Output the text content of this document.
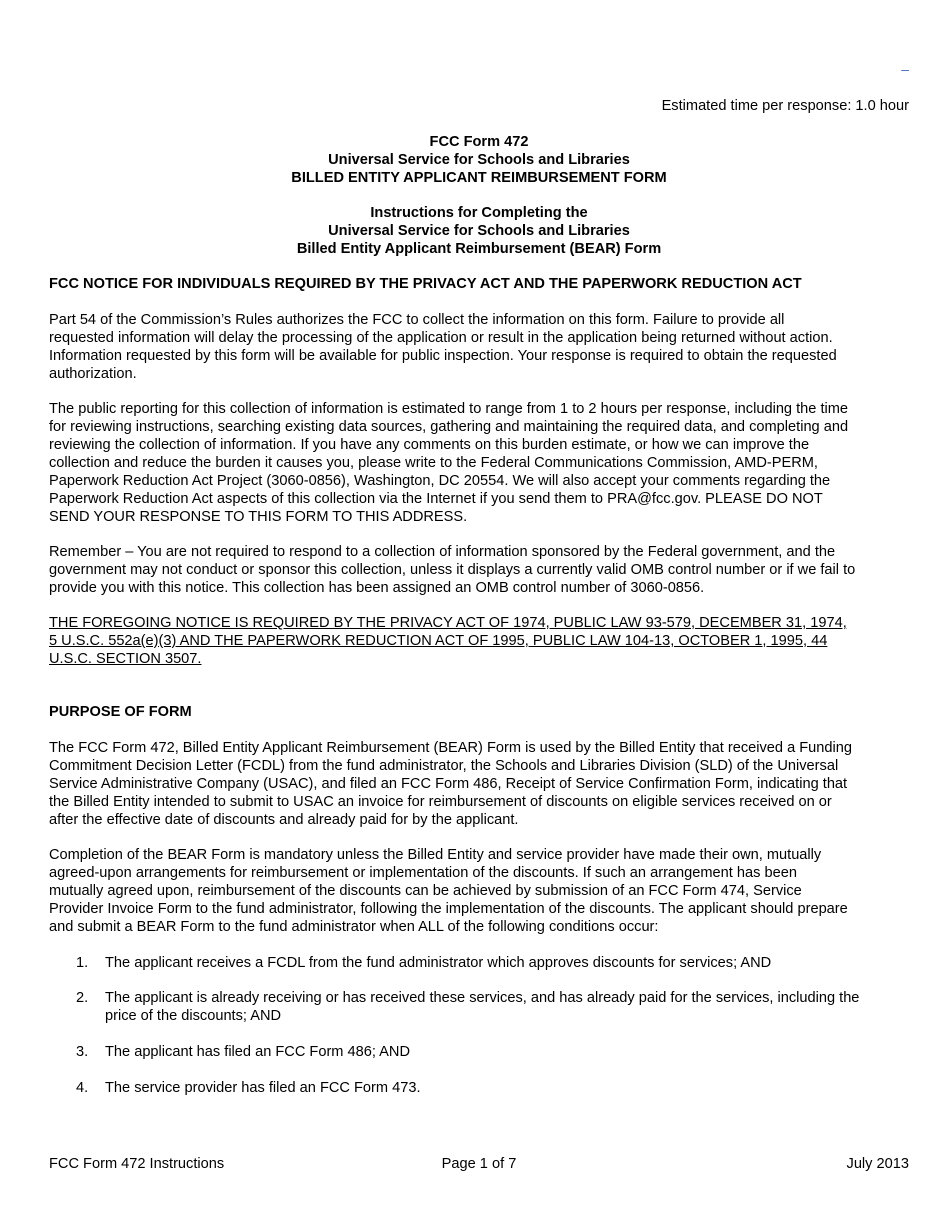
–
Estimated time per response: 1.0 hour
FCC Form 472
Universal Service for Schools and Libraries
BILLED ENTITY APPLICANT REIMBURSEMENT FORM
Instructions for Completing the
Universal Service for Schools and Libraries
Billed Entity Applicant Reimbursement (BEAR) Form
FCC NOTICE FOR INDIVIDUALS REQUIRED BY THE PRIVACY ACT AND THE PAPERWORK REDUCTION ACT
Part 54 of the Commission’s Rules authorizes the FCC to collect the information on this form. Failure to provide all
requested information will delay the processing of the application or result in the application being returned without action.
Information requested by this form will be available for public inspection. Your response is required to obtain the requested
authorization.
The public reporting for this collection of information is estimated to range from 1 to 2 hours per response, including the time
for reviewing instructions, searching existing data sources, gathering and maintaining the required data, and completing and
reviewing the collection of information. If you have any comments on this burden estimate, or how we can improve the
collection and reduce the burden it causes you, please write to the Federal Communications Commission, AMD-PERM,
Paperwork Reduction Act Project (3060-0856), Washington, DC 20554. We will also accept your comments regarding the
Paperwork Reduction Act aspects of this collection via the Internet if you send them to PRA@fcc.gov. PLEASE DO NOT
SEND YOUR RESPONSE TO THIS FORM TO THIS ADDRESS.
Remember – You are not required to respond to a collection of information sponsored by the Federal government, and the
government may not conduct or sponsor this collection, unless it displays a currently valid OMB control number or if we fail to
provide you with this notice. This collection has been assigned an OMB control number of 3060-0856.
THE FOREGOING NOTICE IS REQUIRED BY THE PRIVACY ACT OF 1974, PUBLIC LAW 93-579, DECEMBER 31, 1974,
5 U.S.C. 552a(e)(3) AND THE PAPERWORK REDUCTION ACT OF 1995, PUBLIC LAW 104-13, OCTOBER 1, 1995, 44
U.S.C. SECTION 3507.
PURPOSE OF FORM
The FCC Form 472, Billed Entity Applicant Reimbursement (BEAR) Form is used by the Billed Entity that received a Funding
Commitment Decision Letter (FCDL) from the fund administrator, the Schools and Libraries Division (SLD) of the Universal
Service Administrative Company (USAC), and filed an FCC Form 486, Receipt of Service Confirmation Form, indicating that
the Billed Entity intended to submit to USAC an invoice for reimbursement of discounts on eligible services received on or
after the effective date of discounts and already paid for by the applicant.
Completion of the BEAR Form is mandatory unless the Billed Entity and service provider have made their own, mutually
agreed-upon arrangements for reimbursement or implementation of the discounts. If such an arrangement has been
mutually agreed upon, reimbursement of the discounts can be achieved by submission of an FCC Form 474, Service
Provider Invoice Form to the fund administrator, following the implementation of the discounts. The applicant should prepare
and submit a BEAR Form to the fund administrator when ALL of the following conditions occur:
1.	The applicant receives a FCDL from the fund administrator which approves discounts for services; AND
2.	The applicant is already receiving or has received these services, and has already paid for the services, including the
price of the discounts; AND
3.	The applicant has filed an FCC Form 486; AND
4.	The service provider has filed an FCC Form 473.
Page 1 of 7
FCC Form 472 Instructions	July 2013
